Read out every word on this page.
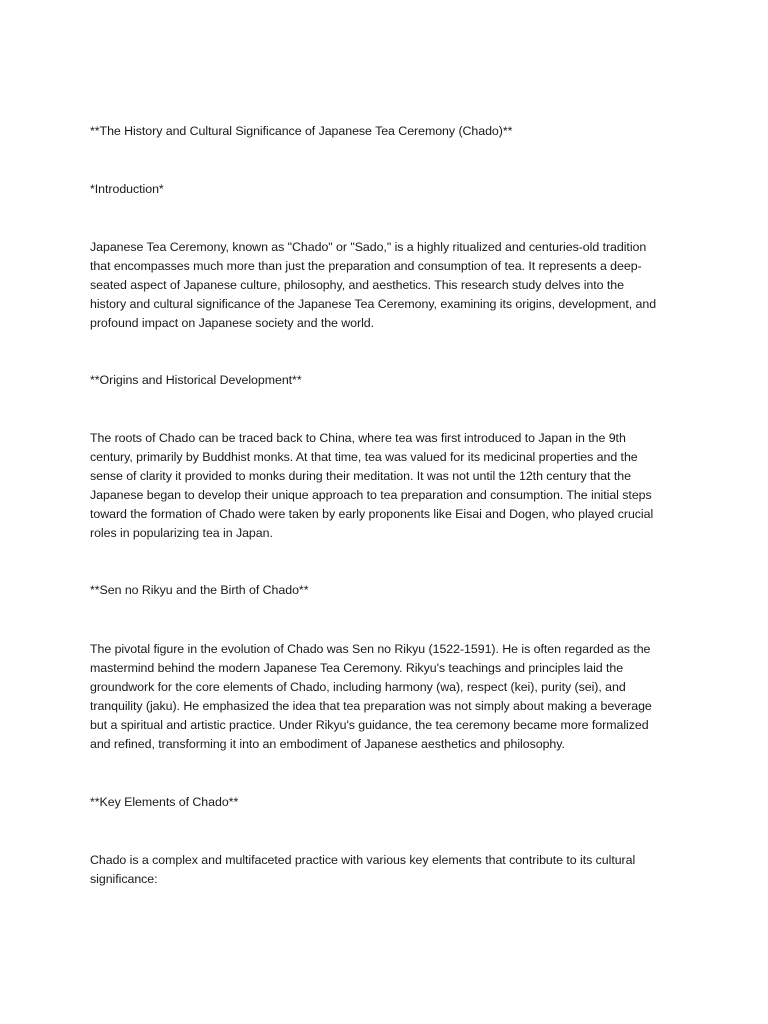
**The History and Cultural Significance of Japanese Tea Ceremony (Chado)**
*Introduction*
Japanese Tea Ceremony, known as "Chado" or "Sado," is a highly ritualized and centuries-old tradition
that encompasses much more than just the preparation and consumption of tea. It represents a deep-
seated aspect of Japanese culture, philosophy, and aesthetics. This research study delves into the
history and cultural significance of the Japanese Tea Ceremony, examining its origins, development, and
profound impact on Japanese society and the world.
**Origins and Historical Development**
The roots of Chado can be traced back to China, where tea was first introduced to Japan in the 9th
century, primarily by Buddhist monks. At that time, tea was valued for its medicinal properties and the
sense of clarity it provided to monks during their meditation. It was not until the 12th century that the
Japanese began to develop their unique approach to tea preparation and consumption. The initial steps
toward the formation of Chado were taken by early proponents like Eisai and Dogen, who played crucial
roles in popularizing tea in Japan.
**Sen no Rikyu and the Birth of Chado**
The pivotal figure in the evolution of Chado was Sen no Rikyu (1522-1591). He is often regarded as the
mastermind behind the modern Japanese Tea Ceremony. Rikyu's teachings and principles laid the
groundwork for the core elements of Chado, including harmony (wa), respect (kei), purity (sei), and
tranquility (jaku). He emphasized the idea that tea preparation was not simply about making a beverage
but a spiritual and artistic practice. Under Rikyu's guidance, the tea ceremony became more formalized
and refined, transforming it into an embodiment of Japanese aesthetics and philosophy.
**Key Elements of Chado**
Chado is a complex and multifaceted practice with various key elements that contribute to its cultural
significance:
